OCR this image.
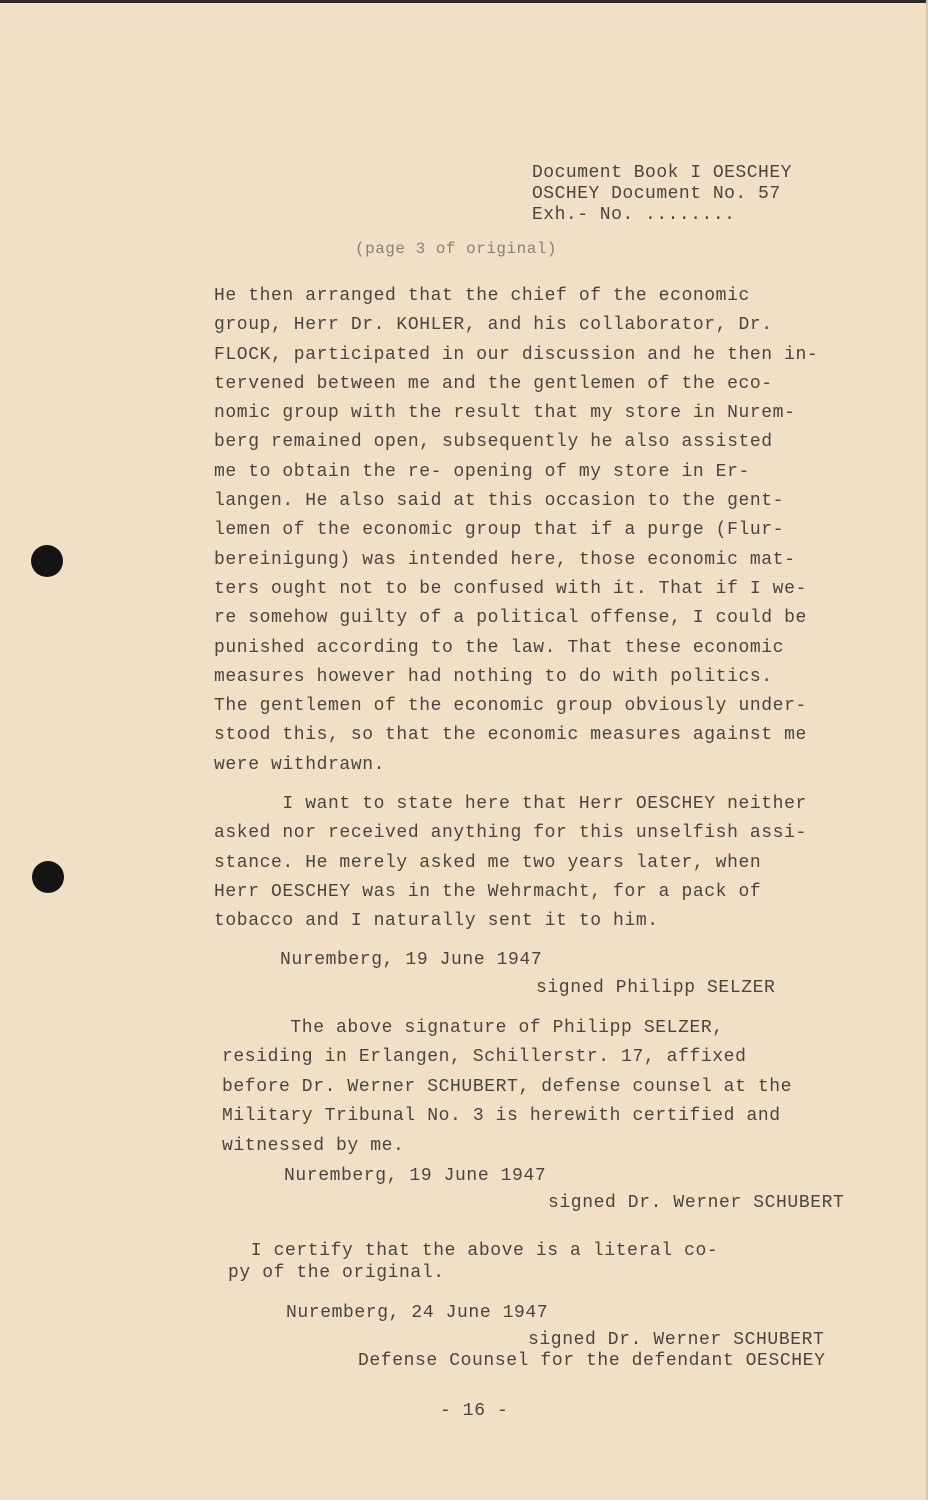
Document Book I OESCHEY
OSCHEY Document No. 57
Exh.- No. ........
(page 3 of original)
He then arranged that the chief of the economic
group, Herr Dr. KOHLER, and his collaborator, Dr.
FLOCK, participated in our discussion and he then in-
tervened between me and the gentlemen of the eco-
nomic group with the result that my store in Nurem-
berg remained open, subsequently he also assisted
me to obtain the re- opening of my store in Er-
langen. He also said at this occasion to the gent-
lemen of the economic group that if a purge (Flur-
bereinigung) was intended here, those economic mat-
ters ought not to be confused with it. That if I we-
re somehow guilty of a political offense, I could be
punished according to the law. That these economic
measures however had nothing to do with politics.
The gentlemen of the economic group obviously under-
stood this, so that the economic measures against me
were withdrawn.
I want to state here that Herr OESCHEY neither
asked nor received anything for this unselfish assi-
stance. He merely asked me two years later, when
Herr OESCHEY was in the Wehrmacht, for a pack of
tobacco and I naturally sent it to him.
Nuremberg, 19 June 1947
signed Philipp SELZER
The above signature of Philipp SELZER,
residing in Erlangen, Schillerstr. 17, affixed
before Dr. Werner SCHUBERT, defense counsel at the
Military Tribunal No. 3 is herewith certified and
witnessed by me.
Nuremberg, 19 June 1947
signed Dr. Werner SCHUBERT
I certify that the above is a literal co-
py of the original.
Nuremberg, 24 June 1947
signed Dr. Werner SCHUBERT
Defense Counsel for the defendant OESCHEY
- 16 -
